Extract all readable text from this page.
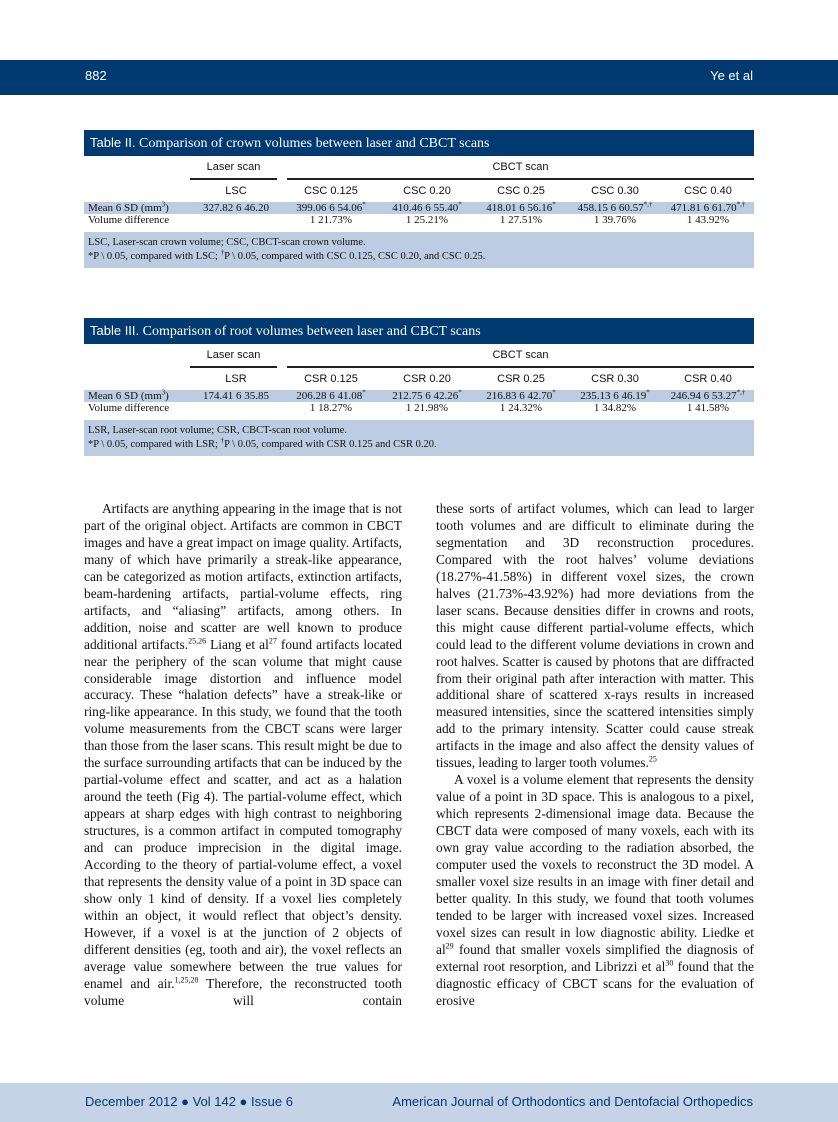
882	Ye et al
Table II. Comparison of crown volumes between laser and CBCT scans
	Laser scan	CBCT scan				
	LSC	CSC 0.125	CSC 0.20	CSC 0.25	CSC 0.30	CSC 0.40
Mean 6 SD $(mm^3)$	327.82 6 46.20	399.06 6 54.06*	410.46 6 55.40*	418.01 6 56.16*	458.15 6 60.57*,†	471.81 6 61.70*,†
Volume difference		1 21.73%	1 25.21%	1 27.51%	1 39.76%	1 43.92%
LSC, Laser-scan crown volume; CSC, CBCT-scan crown volume.
*P \ 0.05, compared with LSC; †P \ 0.05, compared with CSC 0.125, CSC 0.20, and CSC 0.25.
Table III. Comparison of root volumes between laser and CBCT scans
	Laser scan	CBCT scan				
	LSR	CSR 0.125	CSR 0.20	CSR 0.25	CSR 0.30	CSR 0.40
Mean 6 SD $(mm^3)$	174.41 6 35.85	206.28 6 41.08*	212.75 6 42.26*	216.83 6 42.70*	235.13 6 46.19*	246.94 6 53.27*,†
Volume difference		1 18.27%	1 21.98%	1 24.32%	1 34.82%	1 41.58%
LSR, Laser-scan root volume; CSR, CBCT-scan root volume.
*P \ 0.05, compared with LSR; †P \ 0.05, compared with CSR 0.125 and CSR 0.20.

Artifacts are anything appearing in the image that is not part of the original object. Artifacts are common in CBCT images and have a great impact on image quality. Artifacts, many of which have primarily a streak-like appearance, can be categorized as motion artifacts, extinction artifacts, beam-hardening artifacts, partial-volume effects, ring artifacts, and “aliasing” artifacts, among others. In addition, noise and scatter are well known to produce additional artifacts.$^{25,26}$ Liang et $al^{27}$ found artifacts located near the periphery of the scan volume that might cause considerable image distortion and influence model accuracy. These “halation defects” have a streak-like or ring-like appearance. In this study, we found that the tooth volume measurements from the CBCT scans were larger than those from the laser scans. This result might be due to the surface surrounding artifacts that can be induced by the partial-volume effect and scatter, and act as a halation around the teeth (Fig 4). The partial-volume effect, which appears at sharp edges with high contrast to neighboring structures, is a common artifact in computed tomography and can produce imprecision in the digital image. According to the theory of partial-volume effect, a voxel that represents the density value of a point in 3D space can show only 1 kind of density. If a voxel lies completely within an object, it would reflect that object’s density. However, if a voxel is at the junction of 2 objects of different densities (eg, tooth and air), the voxel reflects an average value somewhere between the true values for enamel and air.$^{1,25,28}$ Therefore, the reconstructed tooth volume will contain

these sorts of artifact volumes, which can lead to larger tooth volumes and are difficult to eliminate during the segmentation and 3D reconstruction procedures. Compared with the root halves’ volume deviations (18.27%-41.58%) in different voxel sizes, the crown halves (21.73%-43.92%) had more deviations from the laser scans. Because densities differ in crowns and roots, this might cause different partial-volume effects, which could lead to the different volume deviations in crown and root halves. Scatter is caused by photons that are diffracted from their original path after interaction with matter. This additional share of scattered x-rays results in increased measured intensities, since the scattered intensities simply add to the primary intensity. Scatter could cause streak artifacts in the image and also affect the density values of tissues, leading to larger tooth volumes.$^{25}$

A voxel is a volume element that represents the density value of a point in 3D space. This is analogous to a pixel, which represents 2-dimensional image data. Because the CBCT data were composed of many voxels, each with its own gray value according to the radiation absorbed, the computer used the voxels to reconstruct the 3D model. A smaller voxel size results in an image with finer detail and better quality. In this study, we found that tooth volumes tended to be larger with increased voxel sizes. Increased voxel sizes can result in low diagnostic ability. Liedke et $al^{29}$ found that smaller voxels simplified the diagnosis of external root resorption, and Librizzi et $al^{30}$ found that the diagnostic efficacy of CBCT scans for the evaluation of erosive

December 2012 ● Vol 142 ● Issue 6	American Journal of Orthodontics and Dentofacial Orthopedics
